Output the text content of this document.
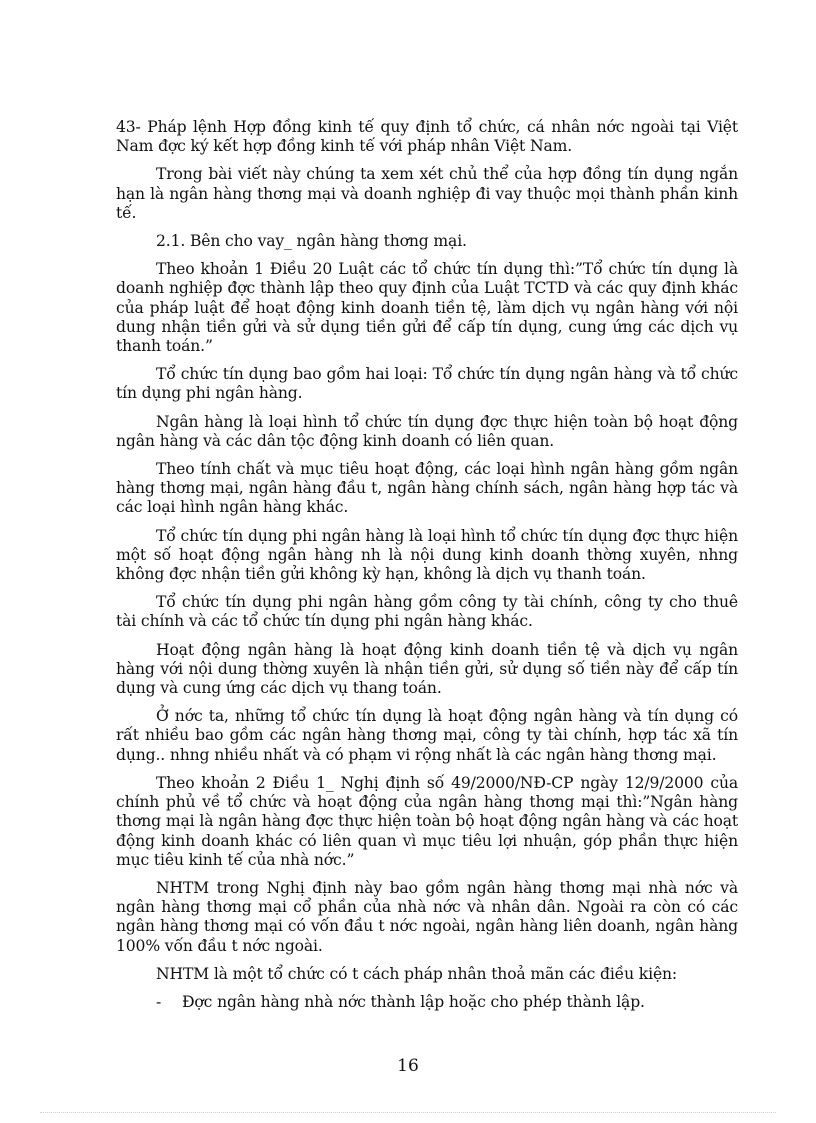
43- Pháp lệnh Hợp đồng kinh tế quy định tổ chức, cá nhân nớc ngoài tại Việt Nam đợc ký kết hợp đồng kinh tế với pháp nhân Việt Nam.

Trong bài viết này chúng ta xem xét chủ thể của hợp đồng tín dụng ngắn hạn là ngân hàng thơng mại và doanh nghiệp đi vay thuộc mọi thành phần kinh tế.

2.1. Bên cho vay_ ngân hàng thơng mại.

Theo khoản 1 Điều 20 Luật các tổ chức tín dụng thì:”Tổ chức tín dụng là doanh nghiệp đợc thành lập theo quy định của Luật TCTD và các quy định khác của pháp luật để hoạt động kinh doanh tiền tệ, làm dịch vụ ngân hàng với nội dung nhận tiền gửi và sử dụng tiền gửi để cấp tín dụng, cung ứng các dịch vụ thanh toán.”

Tổ chức tín dụng bao gồm hai loại: Tổ chức tín dụng ngân hàng và tổ chức tín dụng phi ngân hàng.

Ngân hàng là loại hình tổ chức tín dụng đợc thực hiện toàn bộ hoạt động ngân hàng và các dân tộc động kinh doanh có liên quan.

Theo tính chất và mục tiêu hoạt động, các loại hình ngân hàng gồm ngân hàng thơng mại, ngân hàng đầu t, ngân hàng chính sách, ngân hàng hợp tác và các loại hình ngân hàng khác.

Tổ chức tín dụng phi ngân hàng là loại hình tổ chức tín dụng đợc thực hiện một số hoạt động ngân hàng nh là nội dung kinh doanh thờng xuyên, nhng không đợc nhận tiền gửi không kỳ hạn, không là dịch vụ thanh toán.

Tổ chức tín dụng phi ngân hàng gồm công ty tài chính, công ty cho thuê tài chính và các tổ chức tín dụng phi ngân hàng khác.

Hoạt động ngân hàng là hoạt động kinh doanh tiền tệ và dịch vụ ngân hàng với nội dung thờng xuyên là nhận tiền gửi, sử dụng số tiền này để cấp tín dụng và cung ứng các dịch vụ thang toán.

Ở nớc ta, những tổ chức tín dụng là hoạt động ngân hàng và tín dụng có rất nhiều bao gồm các ngân hàng thơng mại, công ty tài chính, hợp tác xã tín dụng.. nhng nhiều nhất và có phạm vi rộng nhất là các ngân hàng thơng mại.

Theo khoản 2 Điều 1_ Nghị định số 49/2000/NĐ-CP ngày 12/9/2000 của chính phủ về tổ chức và hoạt động của ngân hàng thơng mại thì:”Ngân hàng thơng mại là ngân hàng đợc thực hiện toàn bộ hoạt động ngân hàng và các hoạt động kinh doanh khác có liên quan vì mục tiêu lợi nhuận, góp phần thực hiện mục tiêu kinh tế của nhà nớc.”

NHTM trong Nghị định này bao gồm ngân hàng thơng mại nhà nớc và ngân hàng thơng mại cổ phần của nhà nớc và nhân dân. Ngoài ra còn có các ngân hàng thơng mại có vốn đầu t nớc ngoài, ngân hàng liên doanh, ngân hàng 100% vốn đầu t nớc ngoài.

NHTM là một tổ chức có t cách pháp nhân thoả mãn các điều kiện:

- Đợc ngân hàng nhà nớc thành lập hoặc cho phép thành lập.

16
